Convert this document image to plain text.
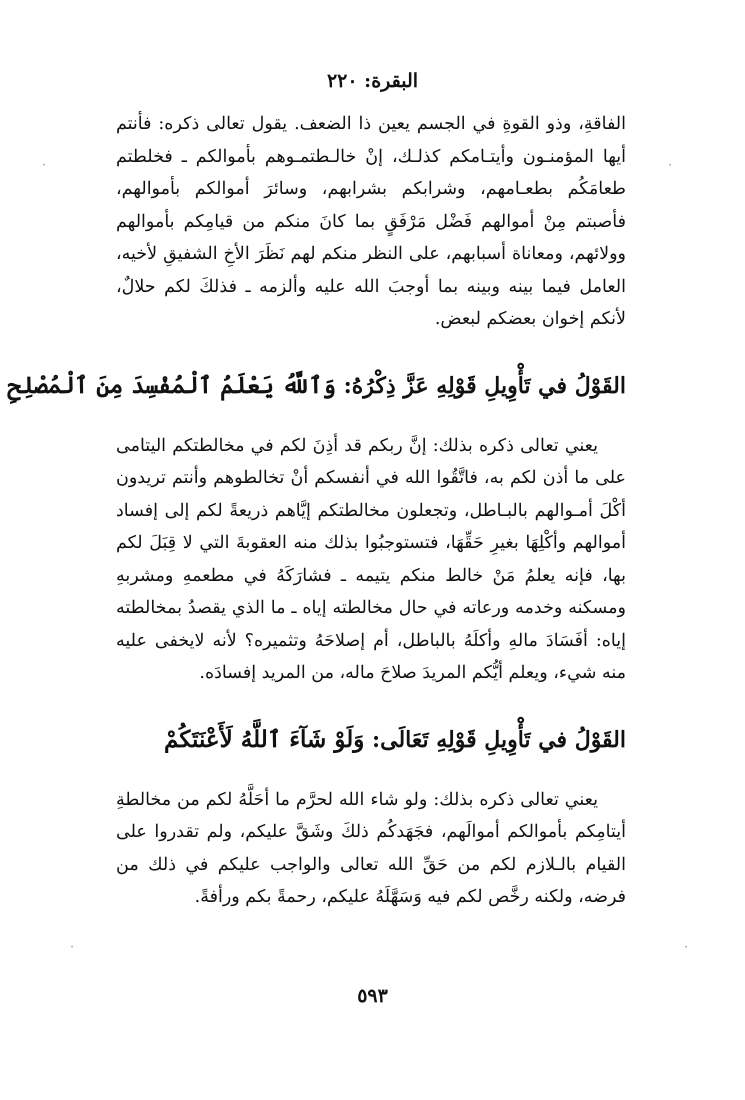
البقرة: ٢٢٠

الفاقةِ، وذو القوةِ في الجسم يعين ذا الضعف. يقول تعالى ذكره: فأنتم أيها المؤمنـون وأيتـامكم كذلـك، إنْ خالـطتمـوهم بأموالكم ـ فخلطتم طعامَكُم بطعـامهم، وشرابكم بشرابهم، وسائرَ أموالكم بأموالهم، فأصبتم مِنْ أموالهم فَضْل مَرْفَقٍ بما كانَ منكم من قيامِكم بأموالهم وولائهم، ومعاناة أسبابهم، على النظر منكم لهم نَظَرَ الأخِ الشفيقِ لأخيه، العامل فيما بينه وبينه بما أوجبَ الله عليه وألزمه ـ فذلكَ لكم حلالٌ، لأنكم إخوان بعضكم لبعض.

القَوْلُ في تَأْوِيلِ قَوْلِهِ عَزَّ ذِكْرُهُ: وَٱللَّهُ يَعْلَمُ ٱلْمُفْسِدَ مِنَ ٱلْمُصْلِحِ

يعني تعالى ذكره بذلك: إنَّ ربكم قد أذِنَ لكم في مخالطتكم اليتامى على ما أذن لكم به، فاتَّقُوا الله في أنفسكم أنْ تخالطوهم وأنتم تريدون أكْلَ أمـوالهم بالبـاطل، وتجعلون مخالطتكم إيَّاهم ذريعةً لكم إلى إفساد أموالهم وأكْلِهَا بغيرِ حَقِّهَا، فتستوجبُوا بذلك منه العقوبةَ التي لا قِبَلَ لكم بها، فإنه يعلمُ مَنْ خالط منكم يتيمه ـ فشارَكَهُ في مطعمهِ ومشربهِ ومسكنه وخدمه ورعاته في حال مخالطته إياه ـ ما الذي يقصدُ بمخالطته إياه: أفَسَادَ مالهِ وأكلَهُ بالباطل، أم إصلاحَهُ وتثميره؟ لأنه لايخفى عليه منه شيء، ويعلم أيُّكم المريدَ صلاحَ ماله، من المريد إفسادَه.

القَوْلُ في تَأْوِيلِ قَوْلِهِ تَعَالَى: وَلَوْ شَآءَ ٱللَّهُ لَأَعْنَتَكُمْ

يعني تعالى ذكره بذلك: ولو شاء الله لحرَّم ما أحَلَّهُ لكم من مخالطةِ أيتامِكم بأموالكم أموالَهم، فجَهَدكُم ذلكَ وشَقَّ عليكم، ولم تقدروا على القيام بالـلازم لكم من حَقِّ الله تعالى والواجب عليكم في ذلك من فرضه، ولكنه رخَّص لكم فيه وَسَهَّلَهُ عليكم، رحمةً بكم ورأفةً.

٥٩٣
·	·
·	·
